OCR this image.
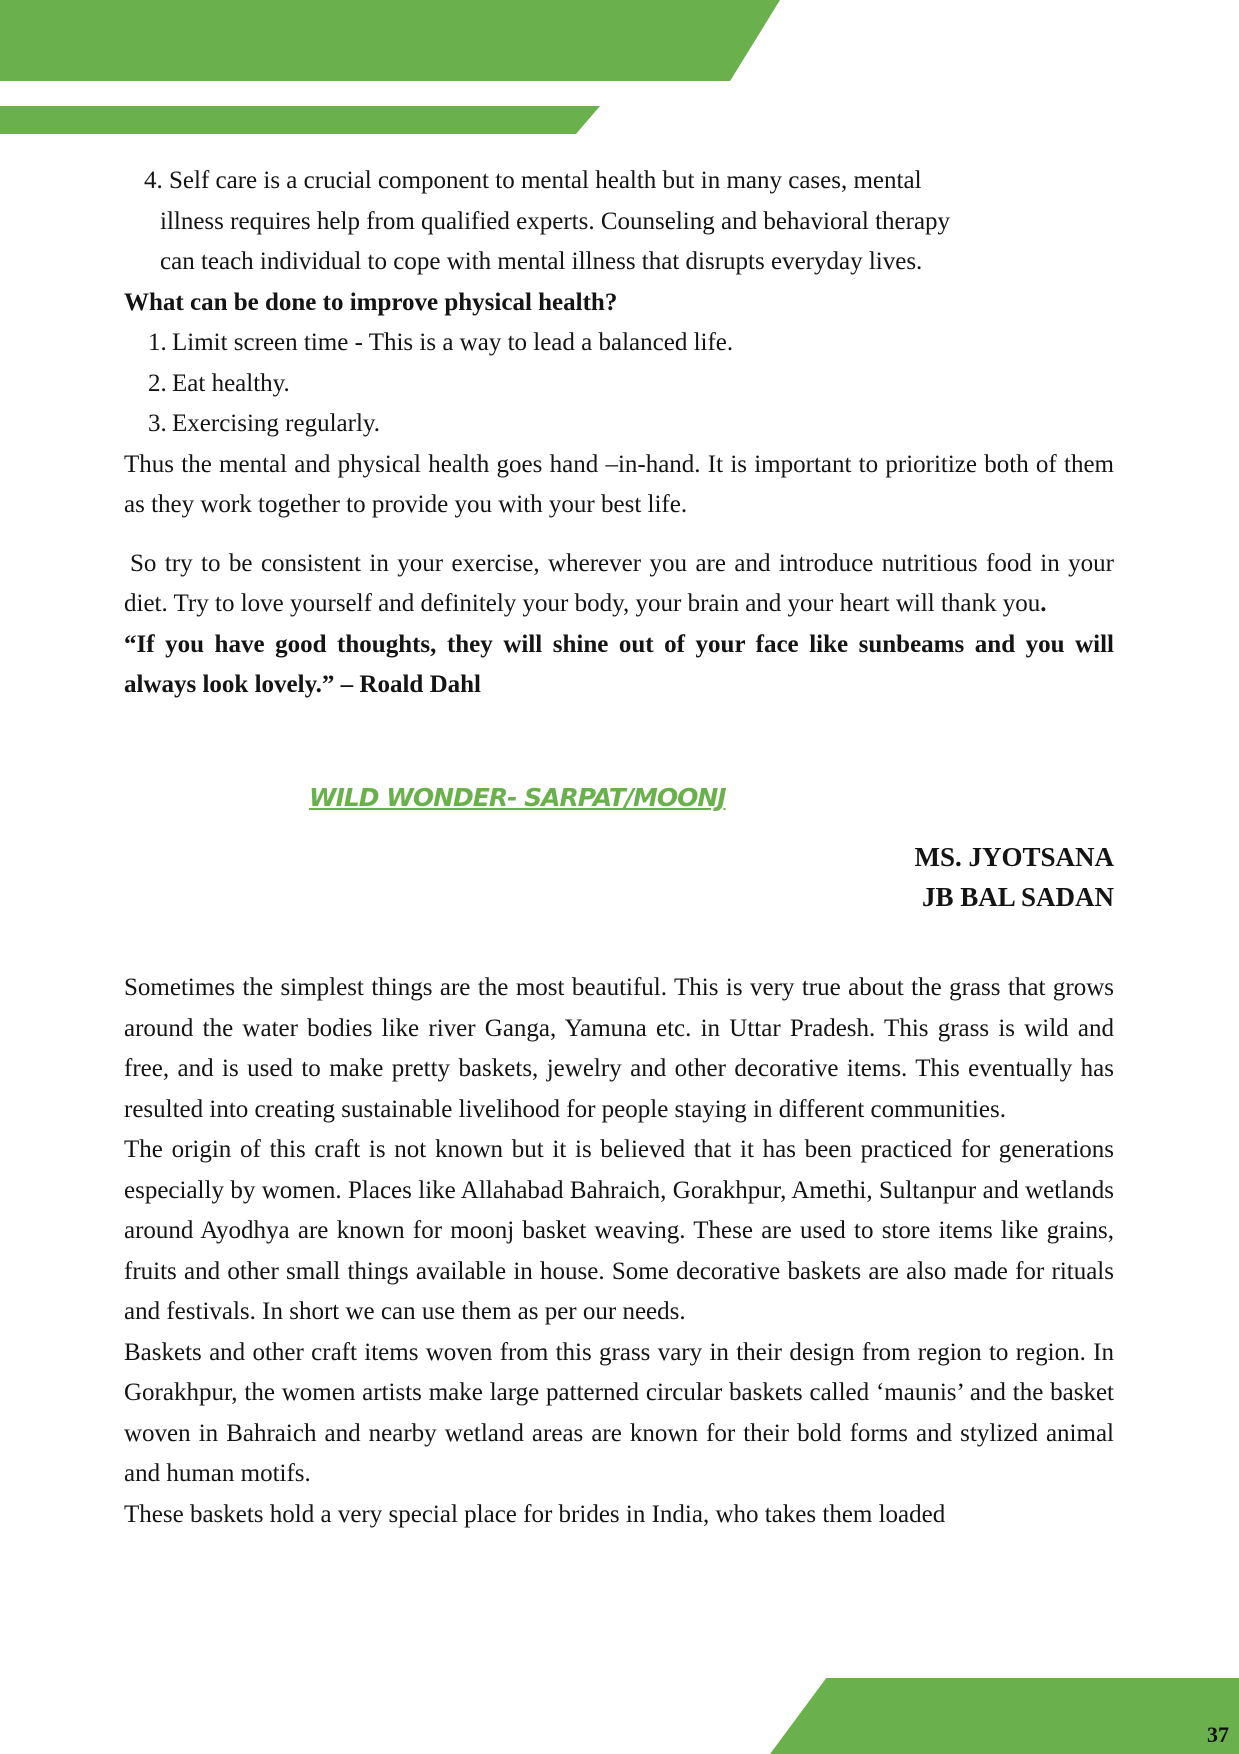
4. Self care is a crucial component to mental health but in many cases, mental
illness requires help from qualified experts. Counseling and behavioral therapy
can teach individual to cope with mental illness that disrupts everyday lives.

What can be done to improve physical health?

1. Limit screen time - This is a way to lead a balanced life.
2. Eat healthy.
3. Exercising regularly.

Thus the mental and physical health goes hand –in-hand. It is important to prioritize both of them as they work together to provide you with your best life.

So try to be consistent in your exercise, wherever you are and introduce nutritious food in your diet. Try to love yourself and definitely your body, your brain and your heart will thank you.

“If you have good thoughts, they will shine out of your face like sunbeams and you will always look lovely.” – Roald Dahl

WILD WONDER- SARPAT/MOONJ
MS. JYOTSANA
JB BAL SADAN

Sometimes the simplest things are the most beautiful. This is very true about the grass that grows around the water bodies like river Ganga, Yamuna etc. in Uttar Pradesh. This grass is wild and free, and is used to make pretty baskets, jewelry and other decorative items. This eventually has resulted into creating sustainable livelihood for people staying in different communities.

The origin of this craft is not known but it is believed that it has been practiced for generations especially by women. Places like Allahabad Bahraich, Gorakhpur, Amethi, Sultanpur and wetlands around Ayodhya are known for moonj basket weaving. These are used to store items like grains, fruits and other small things available in house. Some decorative baskets are also made for rituals and festivals. In short we can use them as per our needs.

Baskets and other craft items woven from this grass vary in their design from region to region. In Gorakhpur, the women artists make large patterned circular baskets called ‘maunis’ and the basket woven in Bahraich and nearby wetland areas are known for their bold forms and stylized animal and human motifs.

These baskets hold a very special place for brides in India, who takes them loaded

37
